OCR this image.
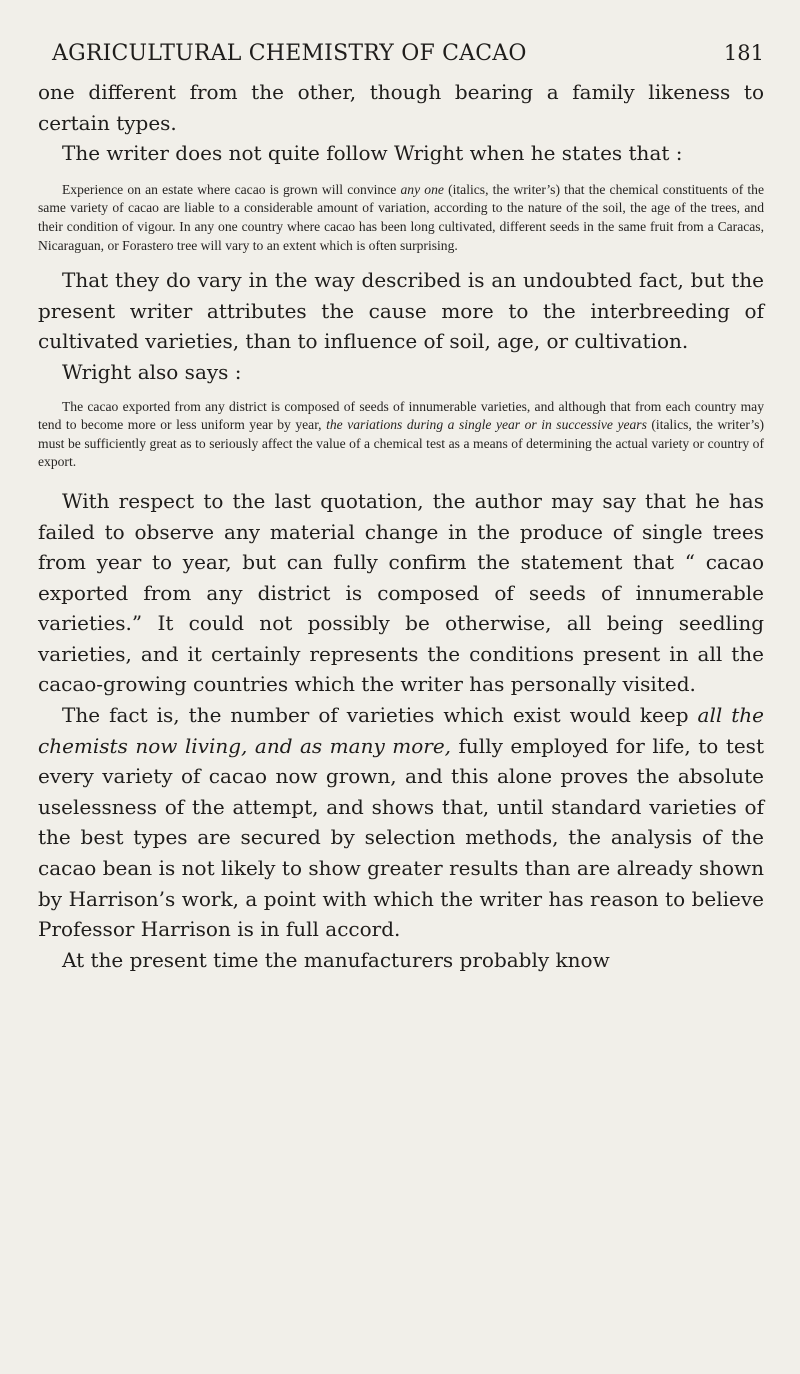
AGRICULTURAL CHEMISTRY OF CACAO	181

one different from the other, though bearing a family likeness to certain types.

The writer does not quite follow Wright when he states that :

Experience on an estate where cacao is grown will convince any one (italics, the writer’s) that the chemical constituents of the same variety of cacao are liable to a considerable amount of variation, according to the nature of the soil, the age of the trees, and their condition of vigour. In any one country where cacao has been long cultivated, different seeds in the same fruit from a Caracas, Nicaraguan, or Forastero tree will vary to an extent which is often surprising.

That they do vary in the way described is an undoubted fact, but the present writer attributes the cause more to the interbreeding of cultivated varieties, than to influence of soil, age, or cultivation.

Wright also says :

The cacao exported from any district is composed of seeds of innumerable varieties, and although that from each country may tend to become more or less uniform year by year, the variations during a single year or in successive years (italics, the writer’s) must be sufficiently great as to seriously affect the value of a chemical test as a means of determining the actual variety or country of export.

With respect to the last quotation, the author may say that he has failed to observe any material change in the produce of single trees from year to year, but can fully confirm the statement that “ cacao exported from any district is composed of seeds of innumerable varieties.” It could not possibly be otherwise, all being seedling varieties, and it certainly represents the conditions present in all the cacao-growing countries which the writer has personally visited.

The fact is, the number of varieties which exist would keep all the chemists now living, and as many more, fully employed for life, to test every variety of cacao now grown, and this alone proves the absolute uselessness of the attempt, and shows that, until standard varieties of the best types are secured by selection methods, the analysis of the cacao bean is not likely to show greater results than are already shown by Harrison’s work, a point with which the writer has reason to believe Professor Harrison is in full accord.

At the present time the manufacturers probably know
